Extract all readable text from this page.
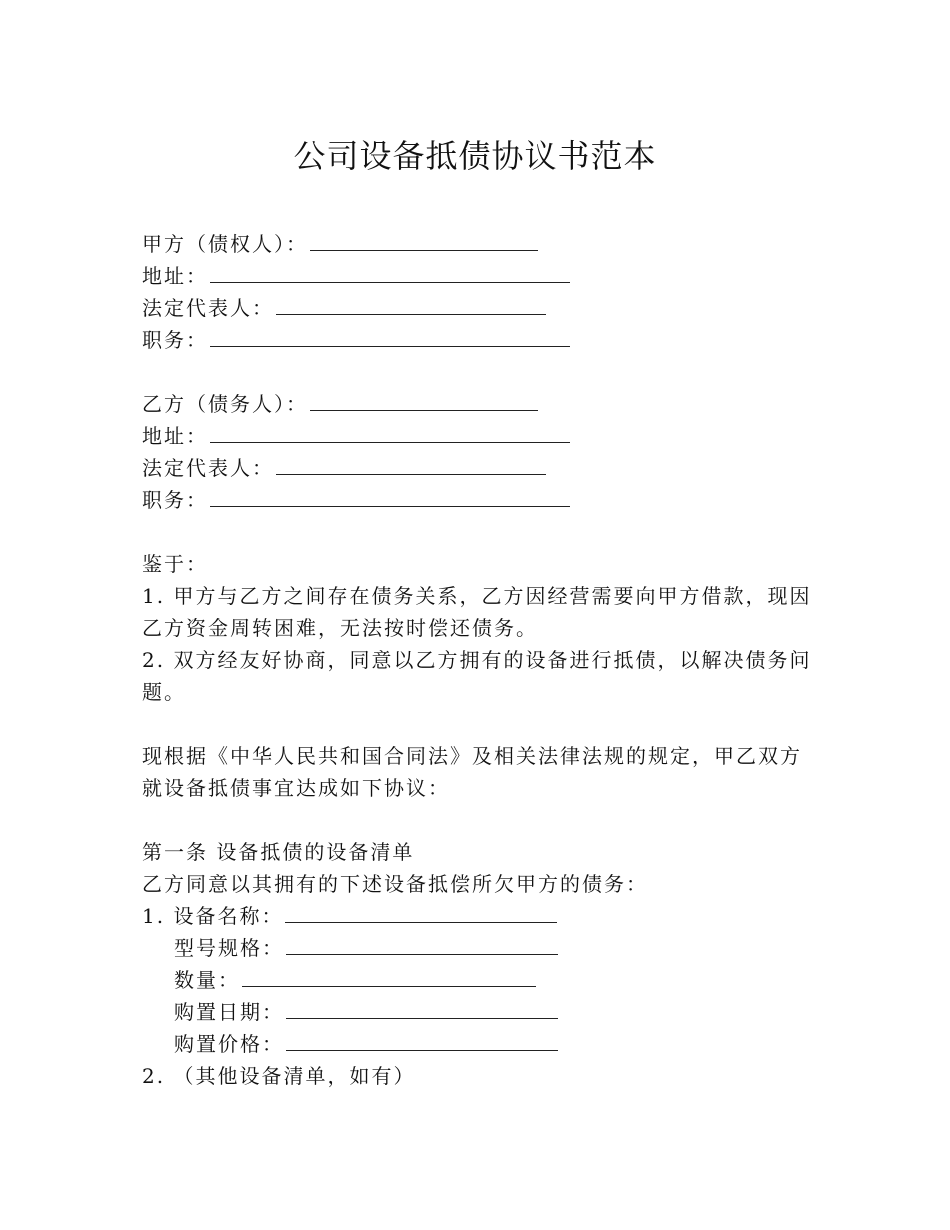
公司设备抵债协议书范本
甲方（债权人）：
地址：
法定代表人：
职务：
乙方（债务人）：
地址：
法定代表人：
职务：
鉴于：
1. 甲方与乙方之间存在债务关系，乙方因经营需要向甲方借款，现因乙方资金周转困难，无法按时偿还债务。
2. 双方经友好协商，同意以乙方拥有的设备进行抵债，以解决债务问题。
现根据《中华人民共和国合同法》及相关法律法规的规定，甲乙双方就设备抵债事宜达成如下协议：
第一条 设备抵债的设备清单
乙方同意以其拥有的下述设备抵偿所欠甲方的债务：
1. 设备名称：
型号规格：
数量：
购置日期：
购置价格：
2. （其他设备清单，如有）
